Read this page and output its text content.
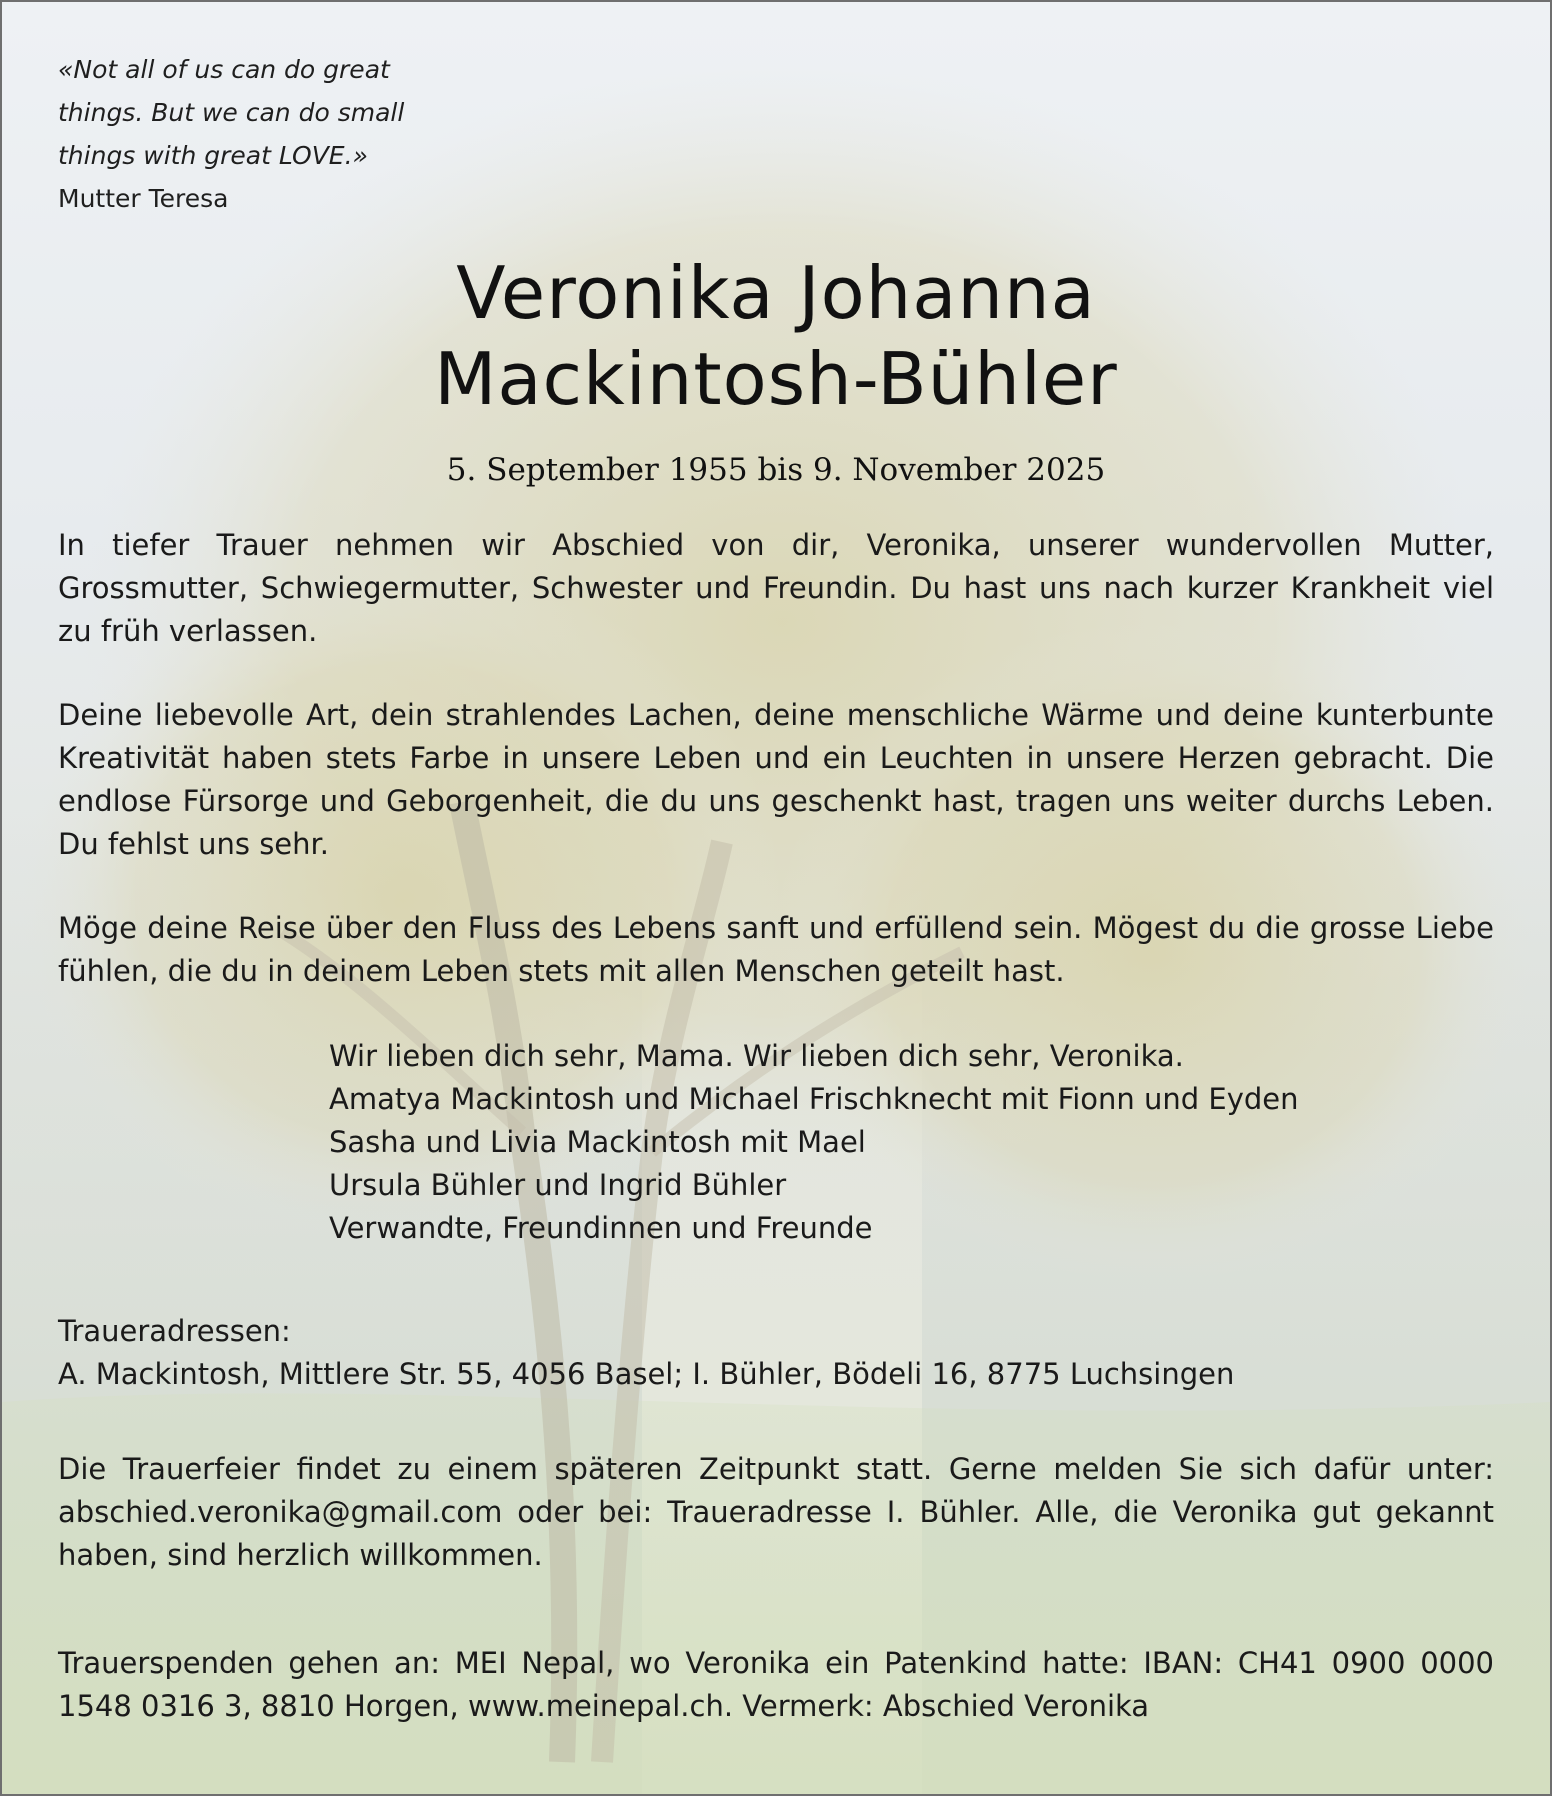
«Not all of us can do great
things. But we can do small
things with great LOVE.»
Mutter Teresa
Veronika Johanna
Mackintosh-Bühler
5. September 1955 bis 9. November 2025
In tiefer Trauer nehmen wir Abschied von dir, Veronika, unserer wundervollen Mutter, Grossmutter, Schwiegermutter, Schwester und Freundin. Du hast uns nach kurzer Krankheit viel zu früh verlassen.
Deine liebevolle Art, dein strahlendes Lachen, deine menschliche Wärme und deine kunterbunte Kreativität haben stets Farbe in unsere Leben und ein Leuchten in unsere Herzen gebracht. Die endlose Fürsorge und Geborgenheit, die du uns geschenkt hast, tragen uns weiter durchs Leben. Du fehlst uns sehr.
Möge deine Reise über den Fluss des Lebens sanft und erfüllend sein. Mögest du die grosse Liebe fühlen, die du in deinem Leben stets mit allen Menschen geteilt hast.
Wir lieben dich sehr, Mama. Wir lieben dich sehr, Veronika.
Amatya Mackintosh und Michael Frischknecht mit Fionn und Eyden
Sasha und Livia Mackintosh mit Mael
Ursula Bühler und Ingrid Bühler
Verwandte, Freundinnen und Freunde
Traueradressen:
A. Mackintosh, Mittlere Str. 55, 4056 Basel; I. Bühler, Bödeli 16, 8775 Luchsingen
Die Trauerfeier findet zu einem späteren Zeitpunkt statt. Gerne melden Sie sich dafür unter: abschied.veronika@gmail.com oder bei: Traueradresse I. Bühler. Alle, die Veronika gut gekannt haben, sind herzlich willkommen.
Trauerspenden gehen an: MEI Nepal, wo Veronika ein Patenkind hatte: IBAN: CH41 0900 0000 1548 0316 3, 8810 Horgen, www.meinepal.ch. Vermerk: Abschied Veronika
